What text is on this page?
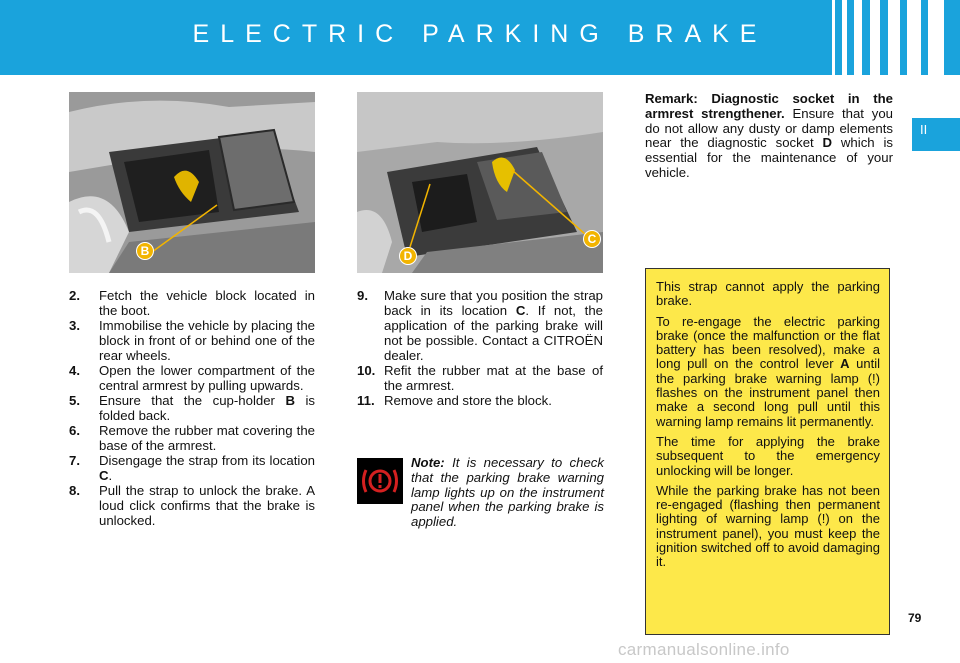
ELECTRIC PARKING BRAKE
II
B	D
C
2. Fetch the vehicle block located in the boot.
3. Immobilise the vehicle by placing the block in front of or behind one of the rear wheels.
4. Open the lower compartment of the central armrest by pulling upwards.
5. Ensure that the cup-holder B is folded back.
6. Remove the rubber mat covering the base of the armrest.
7. Disengage the strap from its location C.
8. Pull the strap to unlock the brake. A loud click confirms that the brake is unlocked.
9. Make sure that you position the strap back in its location C. If not, the application of the parking brake will not be possible. Contact a CITROËN dealer.
10. Refit the rubber mat at the base of the armrest.
11. Remove and store the block.
Note: It is necessary to check that the parking brake warning lamp lights up on the instrument panel when the parking brake is applied.
Remark: Diagnostic socket in the armrest strengthener. Ensure that you do not allow any dusty or damp elements near the diagnostic socket D which is essential for the maintenance of your vehicle.

This strap cannot apply the parking brake.

To re-engage the electric parking brake (once the malfunction or the flat battery has been resolved), make a long pull on the control lever A until the parking brake warning lamp (!) flashes on the instrument panel then make a second long pull until this warning lamp remains lit permanently.

The time for applying the brake subsequent to the emergency unlocking will be longer.

While the parking brake has not been re-engaged (flashing then permanent lighting of warning lamp (!) on the instrument panel), you must keep the ignition switched off to avoid damaging it.

79
carmanualsonline.info
